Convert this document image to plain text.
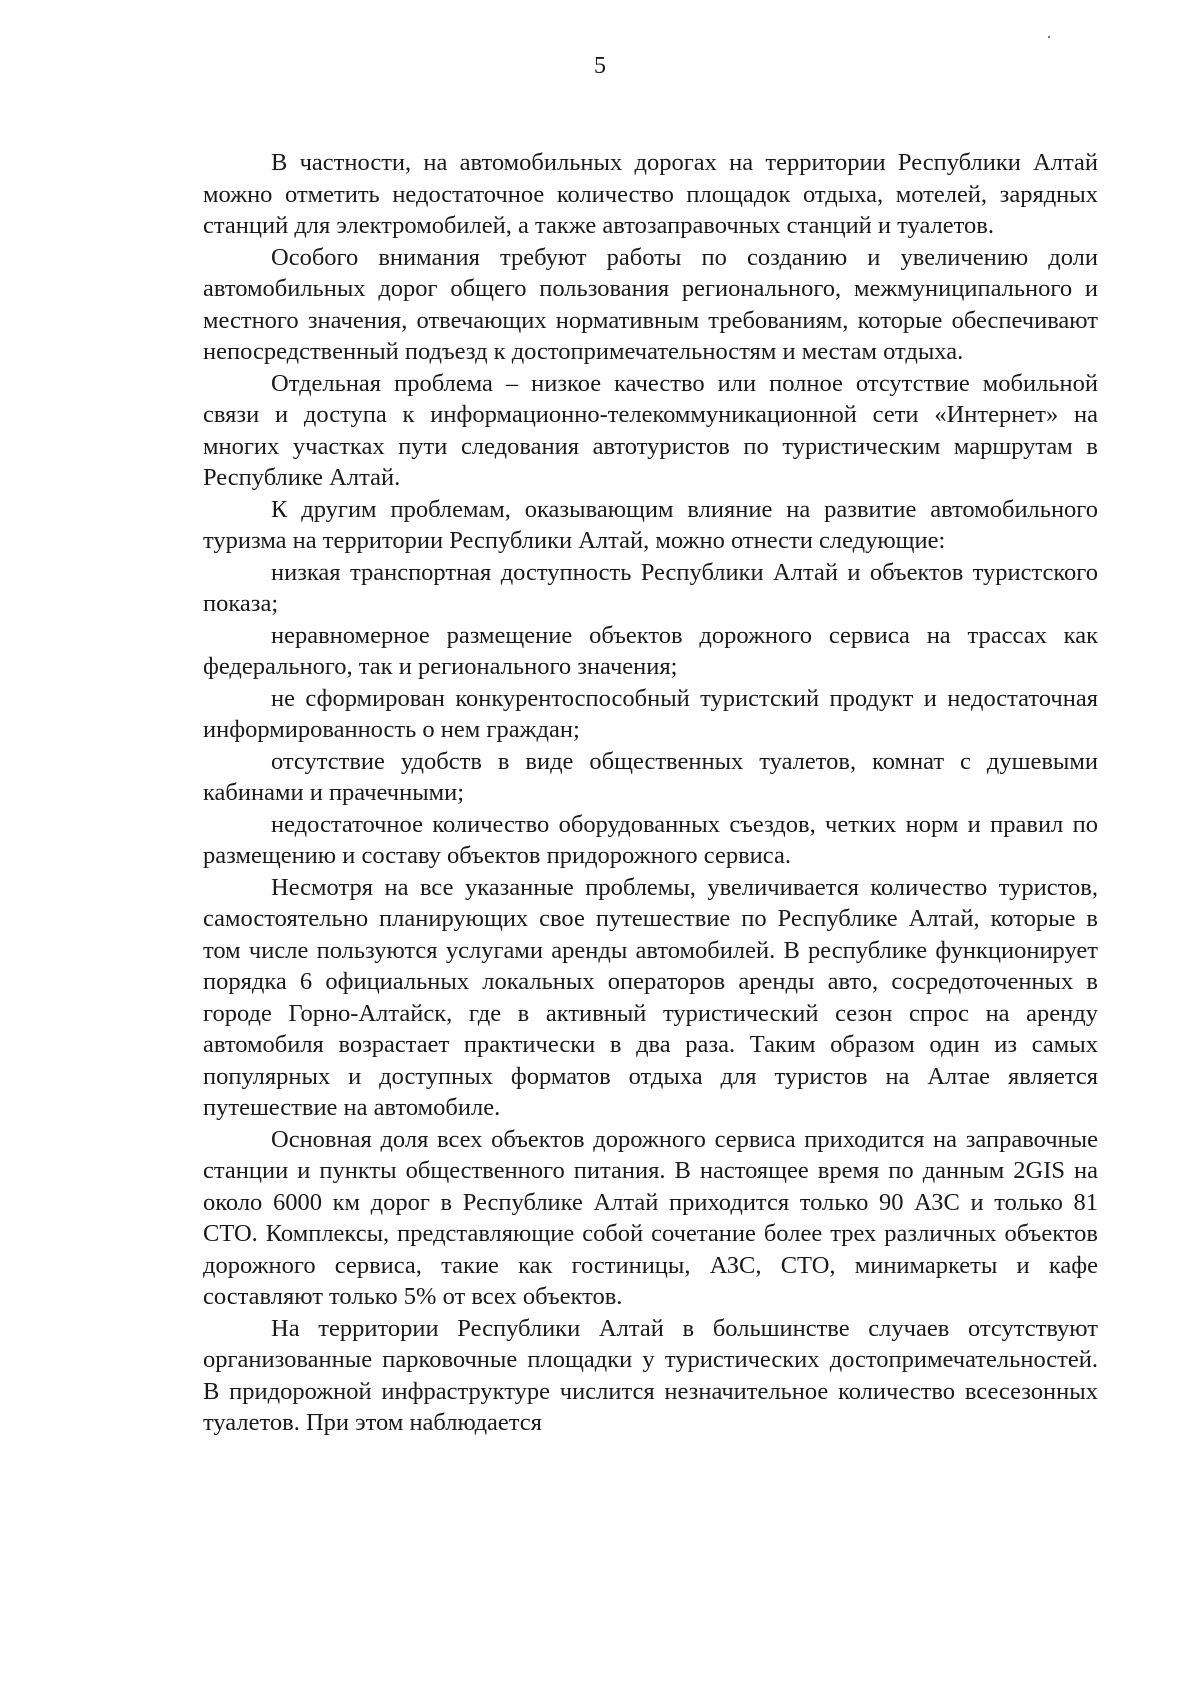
5

В частности, на автомобильных дорогах на территории Республики Алтай можно отметить недостаточное количество площадок отдыха, мотелей, зарядных станций для электромобилей, а также автозаправочных станций и туалетов.

Особого внимания требуют работы по созданию и увеличению доли автомобильных дорог общего пользования регионального, межмуниципального и местного значения, отвечающих нормативным требованиям, которые обеспечивают непосредственный подъезд к достопримечательностям и местам отдыха.

Отдельная проблема – низкое качество или полное отсутствие мобильной связи и доступа к информационно-телекоммуникационной сети «Интернет» на многих участках пути следования автотуристов по туристическим маршрутам в Республике Алтай.

К другим проблемам, оказывающим влияние на развитие автомобильного туризма на территории Республики Алтай, можно отнести следующие:

низкая транспортная доступность Республики Алтай и объектов туристского показа;

неравномерное размещение объектов дорожного сервиса на трассах как федерального, так и регионального значения;

не сформирован конкурентоспособный туристский продукт и недостаточная информированность о нем граждан;

отсутствие удобств в виде общественных туалетов, комнат с душевыми кабинами и прачечными;

недостаточное количество оборудованных съездов, четких норм и правил по размещению и составу объектов придорожного сервиса.

Несмотря на все указанные проблемы, увеличивается количество туристов, самостоятельно планирующих свое путешествие по Республике Алтай, которые в том числе пользуются услугами аренды автомобилей. В республике функционирует порядка 6 официальных локальных операторов аренды авто, сосредоточенных в городе Горно-Алтайск, где в активный туристический сезон спрос на аренду автомобиля возрастает практически в два раза. Таким образом один из самых популярных и доступных форматов отдыха для туристов на Алтае является путешествие на автомобиле.

Основная доля всех объектов дорожного сервиса приходится на заправочные станции и пункты общественного питания. В настоящее время по данным 2GIS на около 6000 км дорог в Республике Алтай приходится только 90 АЗС и только 81 СТО. Комплексы, представляющие собой сочетание более трех различных объектов дорожного сервиса, такие как гостиницы, АЗС, СТО, минимаркеты и кафе составляют только 5% от всех объектов.

На территории Республики Алтай в большинстве случаев отсутствуют организованные парковочные площадки у туристических достопримечательностей. В придорожной инфраструктуре числится незначительное количество всесезонных туалетов. При этом наблюдается
